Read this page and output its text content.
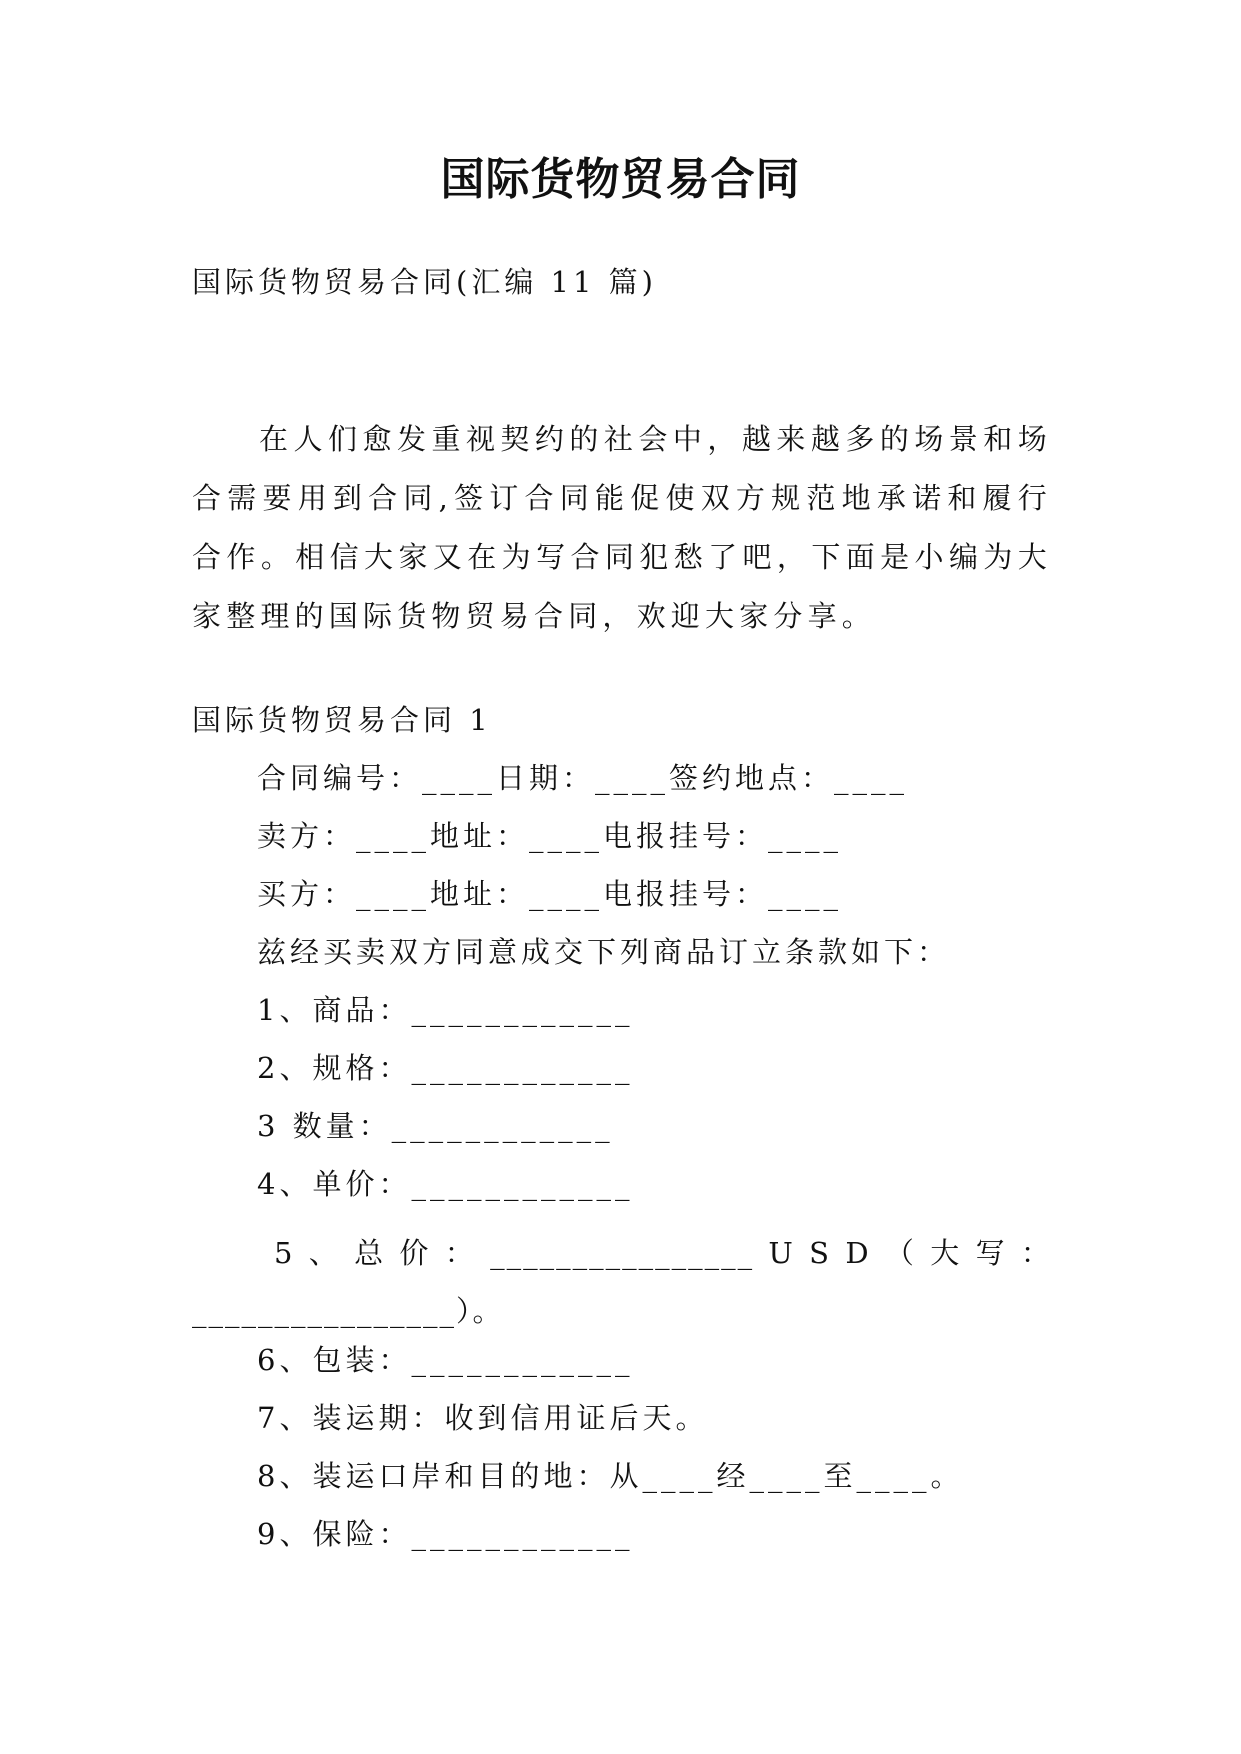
国际货物贸易合同
国际货物贸易合同(汇编 11 篇)
在人们愈发重视契约的社会中，越来越多的场景和场合需要用到合同,签订合同能促使双方规范地承诺和履行合作。相信大家又在为写合同犯愁了吧，下面是小编为大家整理的国际货物贸易合同，欢迎大家分享。
国际货物贸易合同 1
合同编号：____日期：____签约地点：____
卖方：____地址：____电报挂号：____
买方：____地址：____电报挂号：____
兹经买卖双方同意成交下列商品订立条款如下：
1、商品：____________
2、规格：____________
3 数量：____________
4、单价：____________
5 、 总 价 ： ________________ U S D （ 大 写 ：
________________）。
6、包装：____________
7、装运期：收到信用证后天。
8、装运口岸和目的地：从____经____至____。
9、保险：____________
